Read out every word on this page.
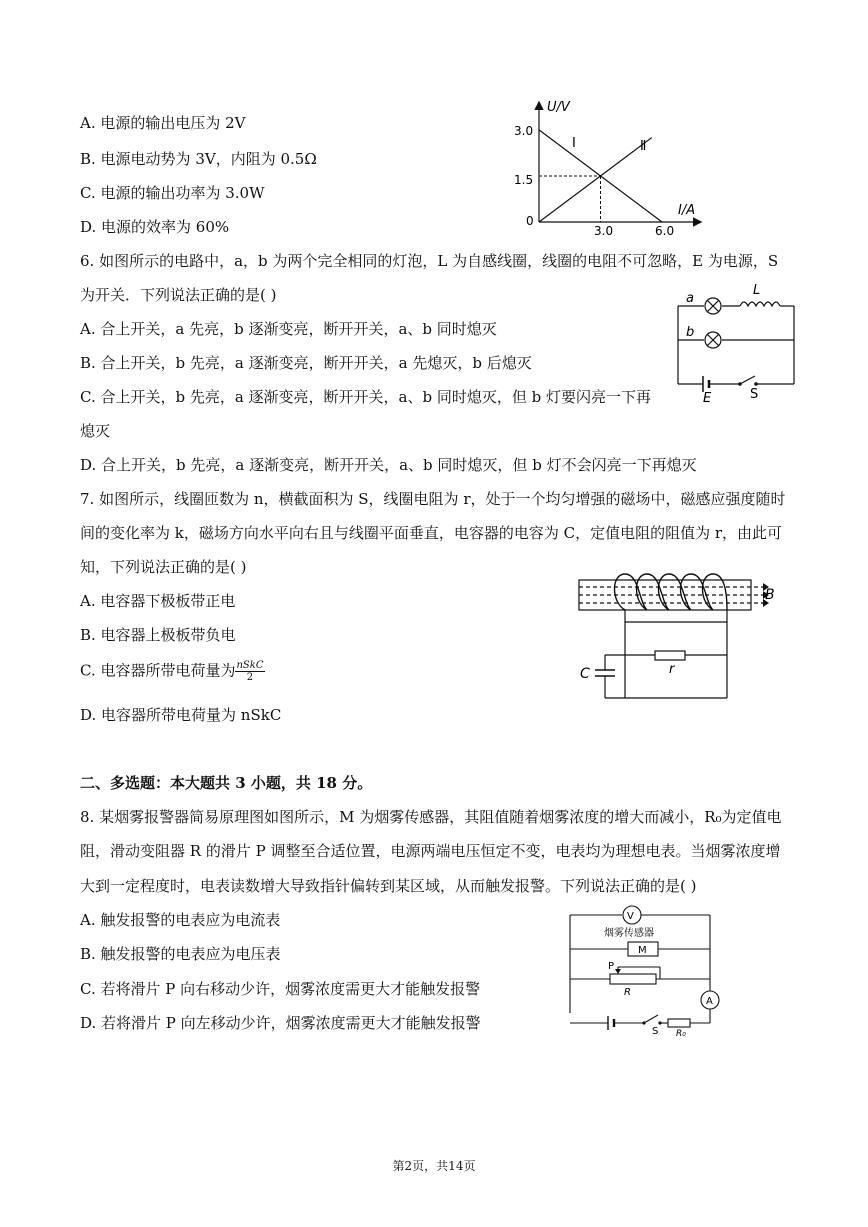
A. 电源的输出电压为 2V
B. 电源电动势为 3V，内阻为 0.5Ω
C. 电源的输出功率为 3.0W
D. 电源的效率为 60%
U/V
I/A
0
3.0
1.5
3.0	6.0
I	Ⅱ
6. 如图所示的电路中，a，b 为两个完全相同的灯泡，L 为自感线圈，线圈的电阻不可忽略，E 为电源，S
为开关．下列说法正确的是( )
A. 合上开关，a 先亮，b 逐渐变亮，断开开关，a、b 同时熄灭
B. 合上开关，b 先亮，a 逐渐变亮，断开开关，a 先熄灭，b 后熄灭
C. 合上开关，b 先亮，a 逐渐变亮，断开开关，a、b 同时熄灭，但 b 灯要闪亮一下再
熄灭
D. 合上开关，b 先亮，a 逐渐变亮，断开开关，a、b 同时熄灭，但 b 灯不会闪亮一下再熄灭
a
b
L
E	S
7. 如图所示，线圈匝数为 n，横截面积为 S，线圈电阻为 r，处于一个均匀增强的磁场中，磁感应强度随时
间的变化率为 k，磁场方向水平向右且与线圈平面垂直，电容器的电容为 C，定值电阻的阻值为 r，由此可
知，下列说法正确的是( )
A. 电容器下极板带正电
B. 电容器上极板带负电
C. 电容器所带电荷量为 $\frac{\text{nSkC}}{2}$
D. 电容器所带电荷量为 nSkC
B
C	r
二、多选题：本大题共 3 小题，共 18 分。
8. 某烟雾报警器简易原理图如图所示，M 为烟雾传感器，其阻值随着烟雾浓度的增大而减小，R₀为定值电
阻，滑动变阻器 R 的滑片 P 调整至合适位置，电源两端电压恒定不变，电表均为理想电表。当烟雾浓度增
大到一定程度时，电表读数增大导致指针偏转到某区域，从而触发报警。下列说法正确的是( )
A. 触发报警的电表应为电流表
B. 触发报警的电表应为电压表
C. 若将滑片 P 向右移动少许，烟雾浓度需更大才能触发报警
D. 若将滑片 P 向左移动少许，烟雾浓度需更大才能触发报警
V
烟雾传感器
M
P
R
A
S R₀
第2页，共14页
